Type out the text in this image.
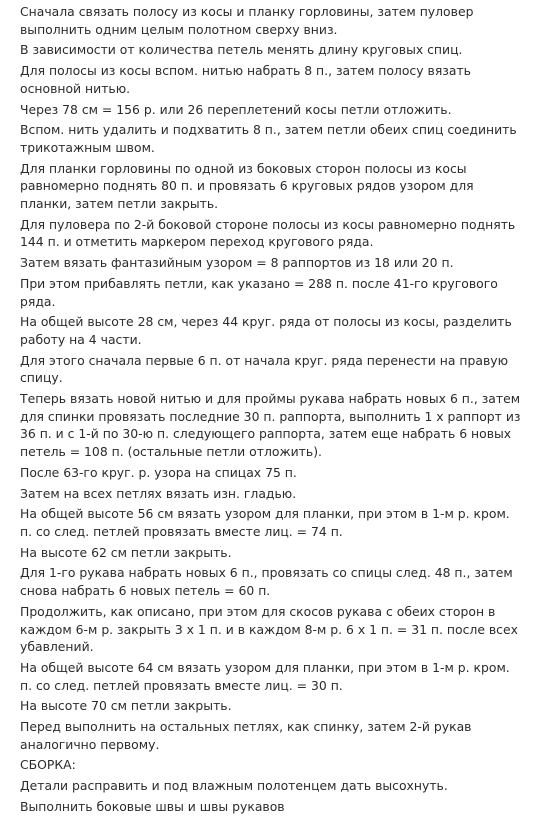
Сначала связать полосу из косы и планку горловины, затем пуловер выполнить одним целым полотном сверху вниз.

В зависимости от количества петель менять длину круговых спиц.

Для полосы из косы вспом. нитью набрать 8 п., затем полосу вязать основной нитью.

Через 78 см = 156 р. или 26 переплетений косы петли отложить.

Вспом. нить удалить и подхватить 8 п., затем петли обеих спиц соединить трикотажным швом.

Для планки горловины по одной из боковых сторон полосы из косы равномерно поднять 80 п. и провязать 6 круговых рядов узором для планки, затем петли закрыть.

Для пуловера по 2-й боковой стороне полосы из косы равномерно поднять 144 п. и отметить маркером переход кругового ряда.

Затем вязать фантазийным узором = 8 раппортов из 18 или 20 п.

При этом прибавлять петли, как указано = 288 п. после 41-го кругового ряда.

На общей высоте 28 см, через 44 круг. ряда от полосы из косы, разделить работу на 4 части.

Для этого сначала первые 6 п. от начала круг. ряда перенести на правую спицу.

Теперь вязать новой нитью и для проймы рукава набрать новых 6 п., затем для спинки провязать последние 30 п. раппорта, выполнить 1 х раппорт из 36 п. и с 1-й по 30-ю п. следующего раппорта, затем еще набрать 6 новых петель = 108 п. (остальные петли отложить).

После 63-го круг. р. узора на спицах 75 п.

Затем на всех петлях вязать изн. гладью.

На общей высоте 56 см вязать узором для планки, при этом в 1-м р. кром. п. со след. петлей провязать вместе лиц. = 74 п.

На высоте 62 см петли закрыть.

Для 1-го рукава набрать новых 6 п., провязать со спицы след. 48 п., затем снова набрать 6 новых петель = 60 п.

Продолжить, как описано, при этом для скосов рукава с обеих сторон в каждом 6-м р. закрыть 3 х 1 п. и в каждом 8-м р. 6 х 1 п. = 31 п. после всех убавлений.

На общей высоте 64 см вязать узором для планки, при этом в 1-м р. кром. п. со след. петлей провязать вместе лиц. = 30 п.

На высоте 70 см петли закрыть.

Перед выполнить на остальных петлях, как спинку, затем 2-й рукав аналогично первому.

СБОРКА:

Детали расправить и под влажным полотенцем дать высохнуть.

Выполнить боковые швы и швы рукавов
